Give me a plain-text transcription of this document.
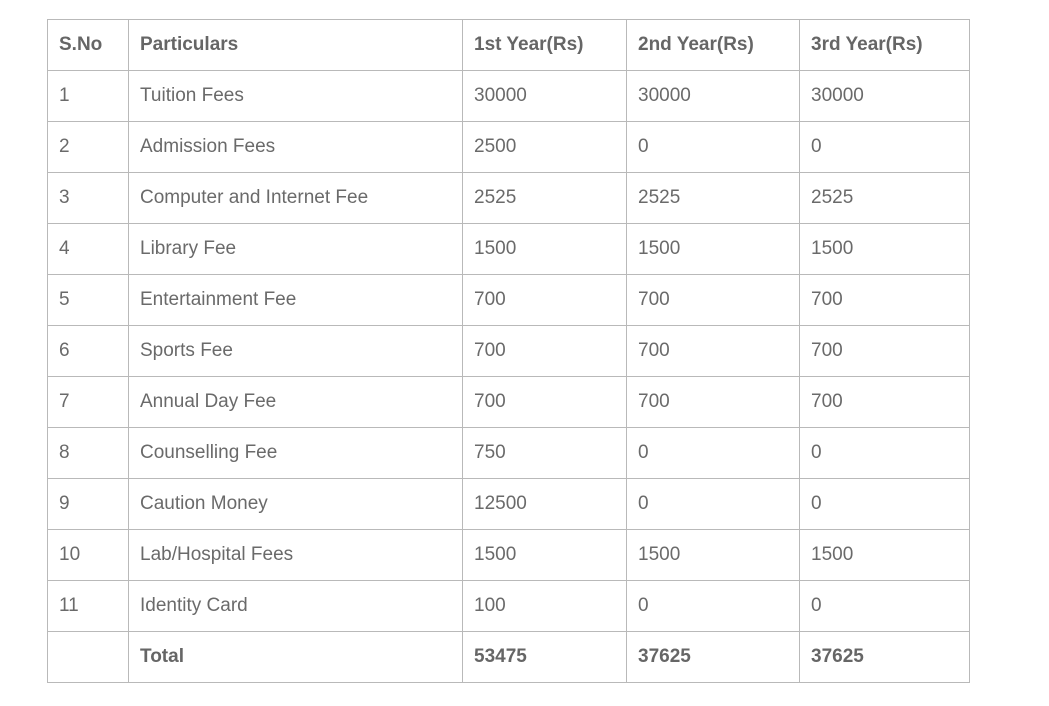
S.No	Particulars	1st Year(Rs)	2nd Year(Rs)	3rd Year(Rs)
1	Tuition Fees	30000	30000	30000
2	Admission Fees	2500	0	0
3	Computer and Internet Fee	2525	2525	2525
4	Library Fee	1500	1500	1500
5	Entertainment Fee	700	700	700
6	Sports Fee	700	700	700
7	Annual Day Fee	700	700	700
8	Counselling Fee	750	0	0
9	Caution Money	12500	0	0
10	Lab/Hospital Fees	1500	1500	1500
11	Identity Card	100	0	0
	Total	53475	37625	37625
